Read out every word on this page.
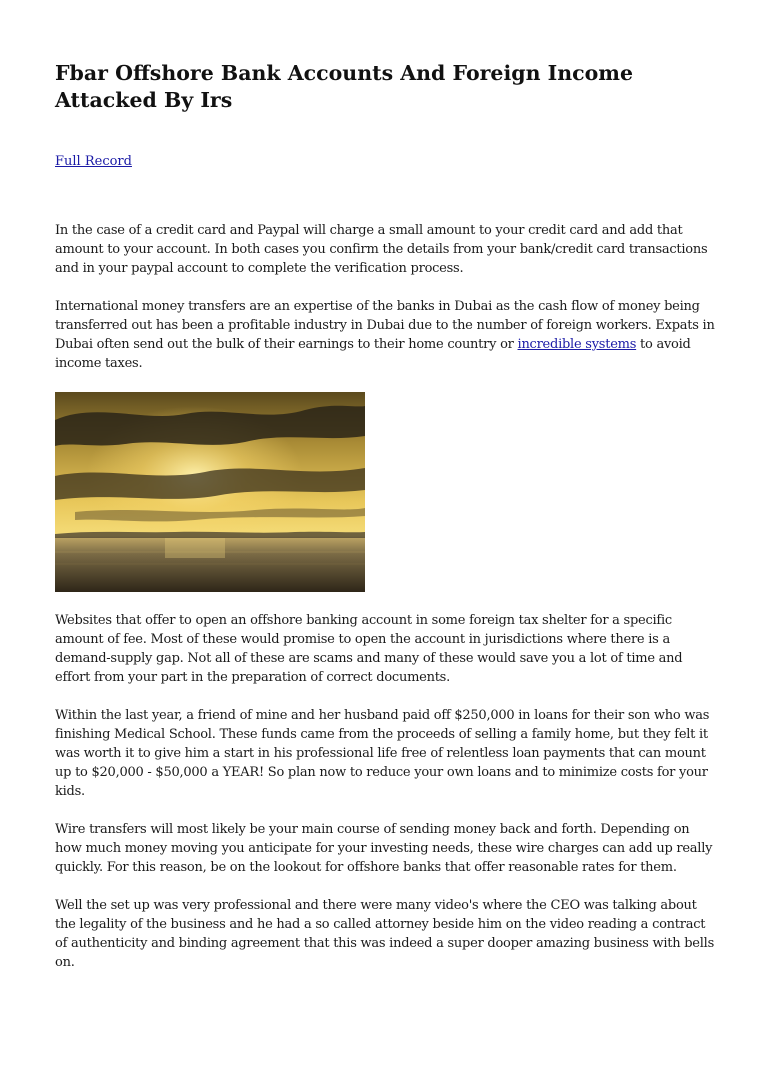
Fbar Offshore Bank Accounts And Foreign Income Attacked By Irs
Full Record

In the case of a credit card and Paypal will charge a small amount to your credit card and add that amount to your account. In both cases you confirm the details from your bank/credit card transactions and in your paypal account to complete the verification process.

International money transfers are an expertise of the banks in Dubai as the cash flow of money being transferred out has been a profitable industry in Dubai due to the number of foreign workers. Expats in Dubai often send out the bulk of their earnings to their home country or incredible systems to avoid income taxes.

Websites that offer to open an offshore banking account in some foreign tax shelter for a specific amount of fee. Most of these would promise to open the account in jurisdictions where there is a demand-supply gap. Not all of these are scams and many of these would save you a lot of time and effort from your part in the preparation of correct documents.

Within the last year, a friend of mine and her husband paid off $250,000 in loans for their son who was finishing Medical School. These funds came from the proceeds of selling a family home, but they felt it was worth it to give him a start in his professional life free of relentless loan payments that can mount up to $20,000 - $50,000 a YEAR! So plan now to reduce your own loans and to minimize costs for your kids.

Wire transfers will most likely be your main course of sending money back and forth. Depending on how much money moving you anticipate for your investing needs, these wire charges can add up really quickly. For this reason, be on the lookout for offshore banks that offer reasonable rates for them.

Well the set up was very professional and there were many video's where the CEO was talking about the legality of the business and he had a so called attorney beside him on the video reading a contract of authenticity and binding agreement that this was indeed a super dooper amazing business with bells on.
